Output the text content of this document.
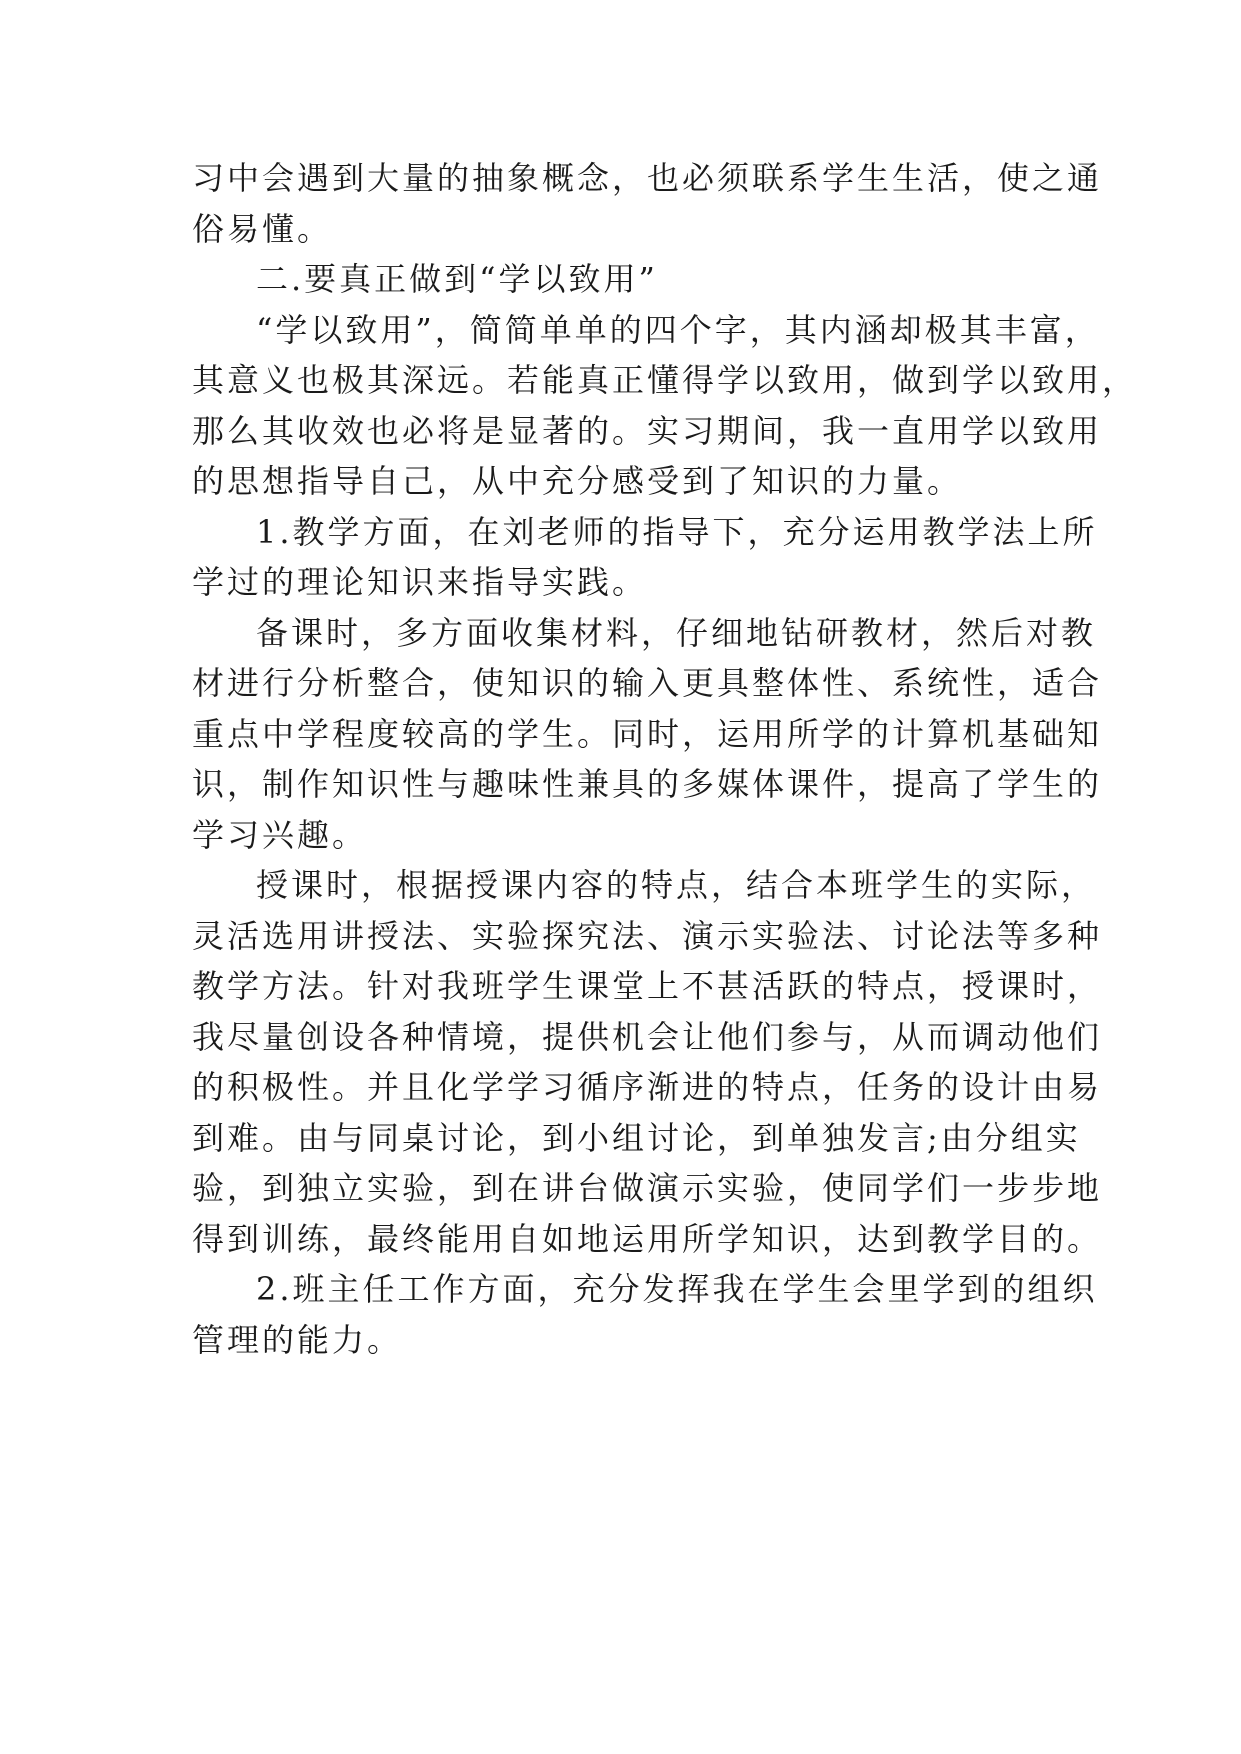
习中会遇到大量的抽象概念，也必须联系学生生活，使之通
俗易懂。
二.要真正做到“学以致用”
“学以致用”，简简单单的四个字，其内涵却极其丰富，
其意义也极其深远。若能真正懂得学以致用，做到学以致用，
那么其收效也必将是显著的。实习期间，我一直用学以致用
的思想指导自己，从中充分感受到了知识的力量。
1.教学方面，在刘老师的指导下，充分运用教学法上所
学过的理论知识来指导实践。
备课时，多方面收集材料，仔细地钻研教材，然后对教
材进行分析整合，使知识的输入更具整体性、系统性，适合
重点中学程度较高的学生。同时，运用所学的计算机基础知
识，制作知识性与趣味性兼具的多媒体课件，提高了学生的
学习兴趣。
授课时，根据授课内容的特点，结合本班学生的实际，
灵活选用讲授法、实验探究法、演示实验法、讨论法等多种
教学方法。针对我班学生课堂上不甚活跃的特点，授课时，
我尽量创设各种情境，提供机会让他们参与，从而调动他们
的积极性。并且化学学习循序渐进的特点，任务的设计由易
到难。由与同桌讨论，到小组讨论，到单独发言;由分组实
验，到独立实验，到在讲台做演示实验，使同学们一步步地
得到训练，最终能用自如地运用所学知识，达到教学目的。
2.班主任工作方面，充分发挥我在学生会里学到的组织
管理的能力。
